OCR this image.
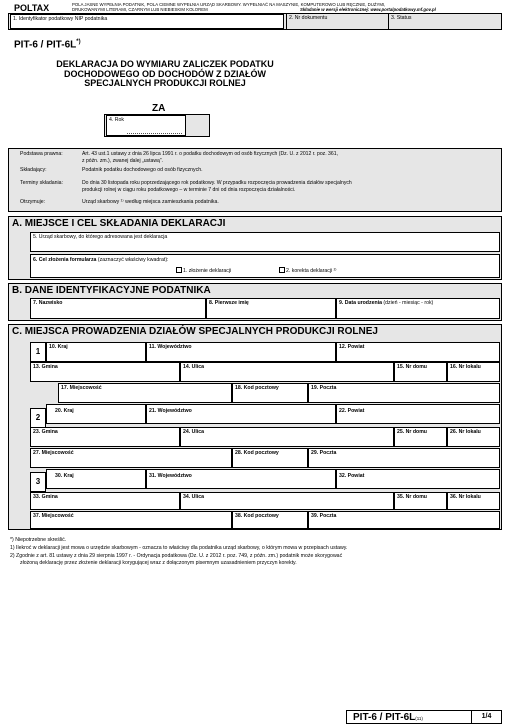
POLTAX	POLA JASNE WYPEŁNIA PODATNIK, POLA CIEMNE WYPEŁNIA URZĄD SKARBOWY. WYPEŁNIAĆ NA MASZYNIE, KOMPUTEROWO LUB RĘCZNIE, DUŻYMI,
DRUKOWANYMI LITERAMI, CZARNYM LUB NIEBIESKIM KOLOREM	Składanie w wersji elektronicznej: www.portalpodatkowy.mf.gov.pl
1. Identyfikator podatkowy NIP podatnika	2. Nr dokumentu	3. Status
PIT-6 / PIT-6L*)
DEKLARACJA DO WYMIARU ZALICZEK PODATKU
DOCHODOWEGO OD DOCHODÓW Z DZIAŁÓW
SPECJALNYCH PRODUKCJI ROLNEJ
ZA
4. Rok
Podstawa prawna:	Art. 43 ust.1 ustawy z dnia 26 lipca 1991 r. o podatku dochodowym od osób fizycznych (Dz. U. z 2012 r. poz. 361,
z późn. zm.), zwanej dalej „ustawą”.
Składający:	Podatnik podatku dochodowego od osób fizycznych.
Terminy składania:	Do dnia 30 listopada roku poprzedzającego rok podatkowy. W przypadku rozpoczęcia prowadzenia działów specjalnych
produkcji rolnej w ciągu roku podatkowego – w terminie 7 dni od dnia rozpoczęcia działalności.
Otrzymuje:	Urząd skarbowy ¹⁾ według miejsca zamieszkania podatnika.
A. MIEJSCE I CEL SKŁADANIA DEKLARACJI
5. Urząd skarbowy, do którego adresowana jest deklaracja
6. Cel złożenia formularza (zaznaczyć właściwy kwadrat):
1. złożenie deklaracji	2. korekta deklaracji ²⁾
B. DANE IDENTYFIKACYJNE PODATNIKA
7. Nazwisko	8. Pierwsze imię	9. Data urodzenia (dzień - miesiąc - rok)
C. MIEJSCA PROWADZENIA DZIAŁÓW SPECJALNYCH PRODUKCJI ROLNEJ
1	10. Kraj	11. Województwo	12. Powiat
13. Gmina	14. Ulica	15. Nr domu	16. Nr lokalu
17. Miejscowość	18. Kod pocztowy	19. Poczta
2
20. Kraj	21. Województwo	22. Powiat
23. Gmina	24. Ulica	25. Nr domu	26. Nr lokalu
27. Miejscowość	28. Kod pocztowy	29. Poczta
3
30. Kraj	31. Województwo	32. Powiat
33. Gmina	34. Ulica	35. Nr domu	36. Nr lokalu
37. Miejscowość	38. Kod pocztowy	39. Poczta
*) Niepotrzebne skreślić.
1) Ilekroć w deklaracji jest mowa o urzędzie skarbowym - oznacza to właściwy dla podatnika urząd skarbowy, o którym mowa w przepisach ustawy.
2) Zgodnie z art. 81 ustawy z dnia 29 sierpnia 1997 r. - Ordynacja podatkowa (Dz. U. z 2012 r. poz. 749, z późn. zm.) podatnik może skorygować
złożoną deklarację przez złożenie deklaracji korygującej wraz z dołączonym pisemnym uzasadnieniem przyczyn korekty.
PIT-6 / PIT-6L(11)	1/4
